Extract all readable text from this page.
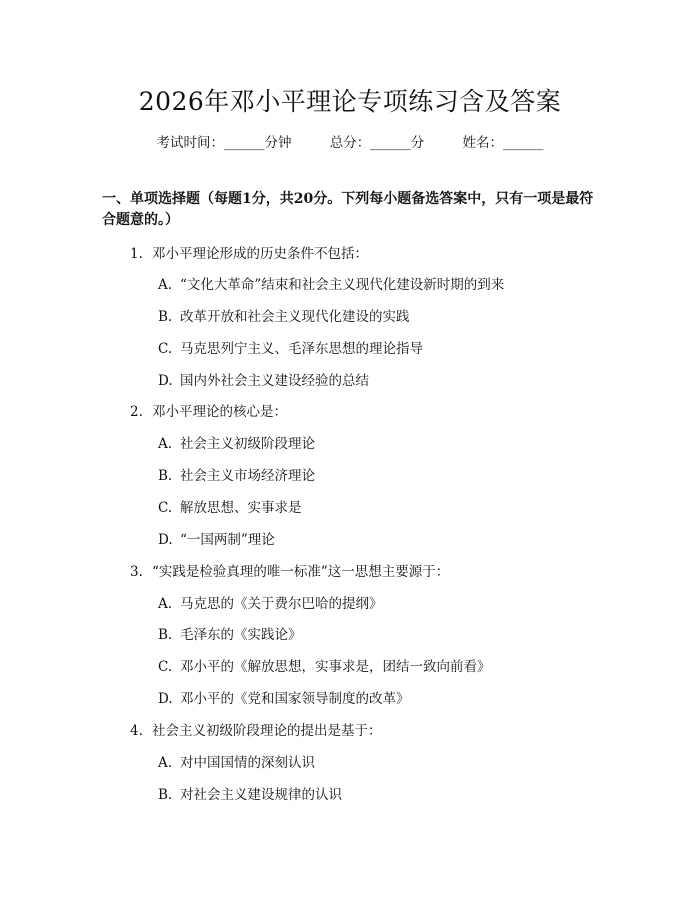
2026年邓小平理论专项练习含及答案
考试时间：______分钟	总分：______分	姓名：______
一、单项选择题（每题1分，共20分。下列每小题备选答案中，只有一项是最符合题意的。）
1. 邓小平理论形成的历史条件不包括：
A. “文化大革命”结束和社会主义现代化建设新时期的到来
B. 改革开放和社会主义现代化建设的实践
C. 马克思列宁主义、毛泽东思想的理论指导
D. 国内外社会主义建设经验的总结
2. 邓小平理论的核心是：
A. 社会主义初级阶段理论
B. 社会主义市场经济理论
C. 解放思想、实事求是
D. “一国两制”理论
3. “实践是检验真理的唯一标准”这一思想主要源于：
A. 马克思的《关于费尔巴哈的提纲》
B. 毛泽东的《实践论》
C. 邓小平的《解放思想，实事求是，团结一致向前看》
D. 邓小平的《党和国家领导制度的改革》
4. 社会主义初级阶段理论的提出是基于：
A. 对中国国情的深刻认识
B. 对社会主义建设规律的认识
